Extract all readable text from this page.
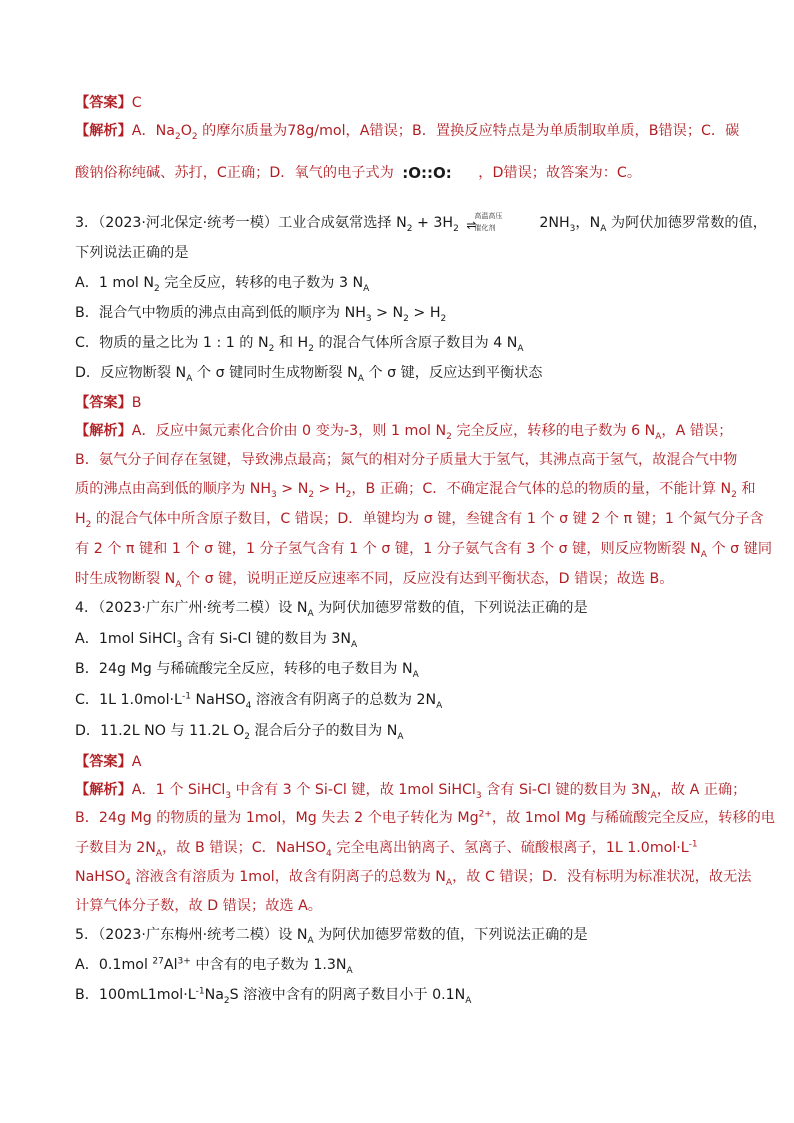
【答案】C
【解析】A．$Na_2O_2$ 的摩尔质量为78g/mol，A错误；B．置换反应特点是为单质制取单质，B错误；C．碳
酸钠俗称纯碱、苏打，C正确；D．氧气的电子式为 :O::O: ，D错误；故答案为：C。
3．（2023·河北保定·统考一模）工业合成氨常选择 $N_2 + 3H_2$
高温高压
⇌
催化剂	$2NH_3$，$N_A$ 为阿伏加德罗常数的值，
下列说法正确的是
A．1 mol $N_2$ 完全反应，转移的电子数为 3 $N_A$
B．混合气中物质的沸点由高到低的顺序为 $NH_3 > N_2 > H_2$
C．物质的量之比为 1 : 1 的 $N_2$ 和 $H_2$ 的混合气体所含原子数目为 4 $N_A$
D．反应物断裂 $N_A$ 个 σ 键同时生成物断裂 $N_A$ 个 σ 键，反应达到平衡状态
【答案】B
【解析】A．反应中氮元素化合价由 0 变为-3，则 1 mol $N_2$ 完全反应，转移的电子数为 6 $N_A$，A 错误；
B．氨气分子间存在氢键，导致沸点最高；氮气的相对分子质量大于氢气，其沸点高于氢气，故混合气中物
质的沸点由高到低的顺序为 $NH_3 > N_2 > H_2$，B 正确；C．不确定混合气体的总的物质的量，不能计算 $N_2$ 和
$H_2$ 的混合气体中所含原子数目，C 错误；D．单键均为 σ 键，叁键含有 1 个 σ 键 2 个 π 键；1 个氮气分子含
有 2 个 π 键和 1 个 σ 键，1 分子氢气含有 1 个 σ 键，1 分子氨气含有 3 个 σ 键，则反应物断裂 $N_A$ 个 σ 键同
时生成物断裂 $N_A$ 个 σ 键，说明正逆反应速率不同，反应没有达到平衡状态，D 错误；故选 B。
4．（2023·广东广州·统考二模）设 $N_A$ 为阿伏加德罗常数的值，下列说法正确的是
A．1mol SiHCl$_3$ 含有 Si-Cl 键的数目为 $3N_A$
B．24g Mg 与稀硫酸完全反应，转移的电子数目为 $N_A$
C．1L $1.0mol\cdot L^{-1}$ NaHSO$_4$ 溶液含有阴离子的总数为 $2N_A$
D．11.2L NO 与 11.2L $O_2$ 混合后分子的数目为 $N_A$
【答案】A
【解析】A．1 个 SiHCl$_3$ 中含有 3 个 Si-Cl 键，故 1mol SiHCl$_3$ 含有 Si-Cl 键的数目为 $3N_A$，故 A 正确；
B．24g Mg 的物质的量为 1mol，Mg 失去 2 个电子转化为 $Mg^{2+}$，故 1mol Mg 与稀硫酸完全反应，转移的电
子数目为 $2N_A$，故 B 错误；C．NaHSO$_4$ 完全电离出钠离子、氢离子、硫酸根离子，1L $1.0mol\cdot L^{-1}$
NaHSO$_4$ 溶液含有溶质为 1mol，故含有阴离子的总数为 $N_A$，故 C 错误；D．没有标明为标准状况，故无法
计算气体分子数，故 D 错误；故选 A。
5．（2023·广东梅州·统考二模）设 $N_A$ 为阿伏加德罗常数的值，下列说法正确的是
A．0.1mol $^{27}Al^{3+}$ 中含有的电子数为 $1.3N_A$
B．$100mL1mol\cdot L^{-1}Na_2S$ 溶液中含有的阴离子数目小于 $0.1N_A$
